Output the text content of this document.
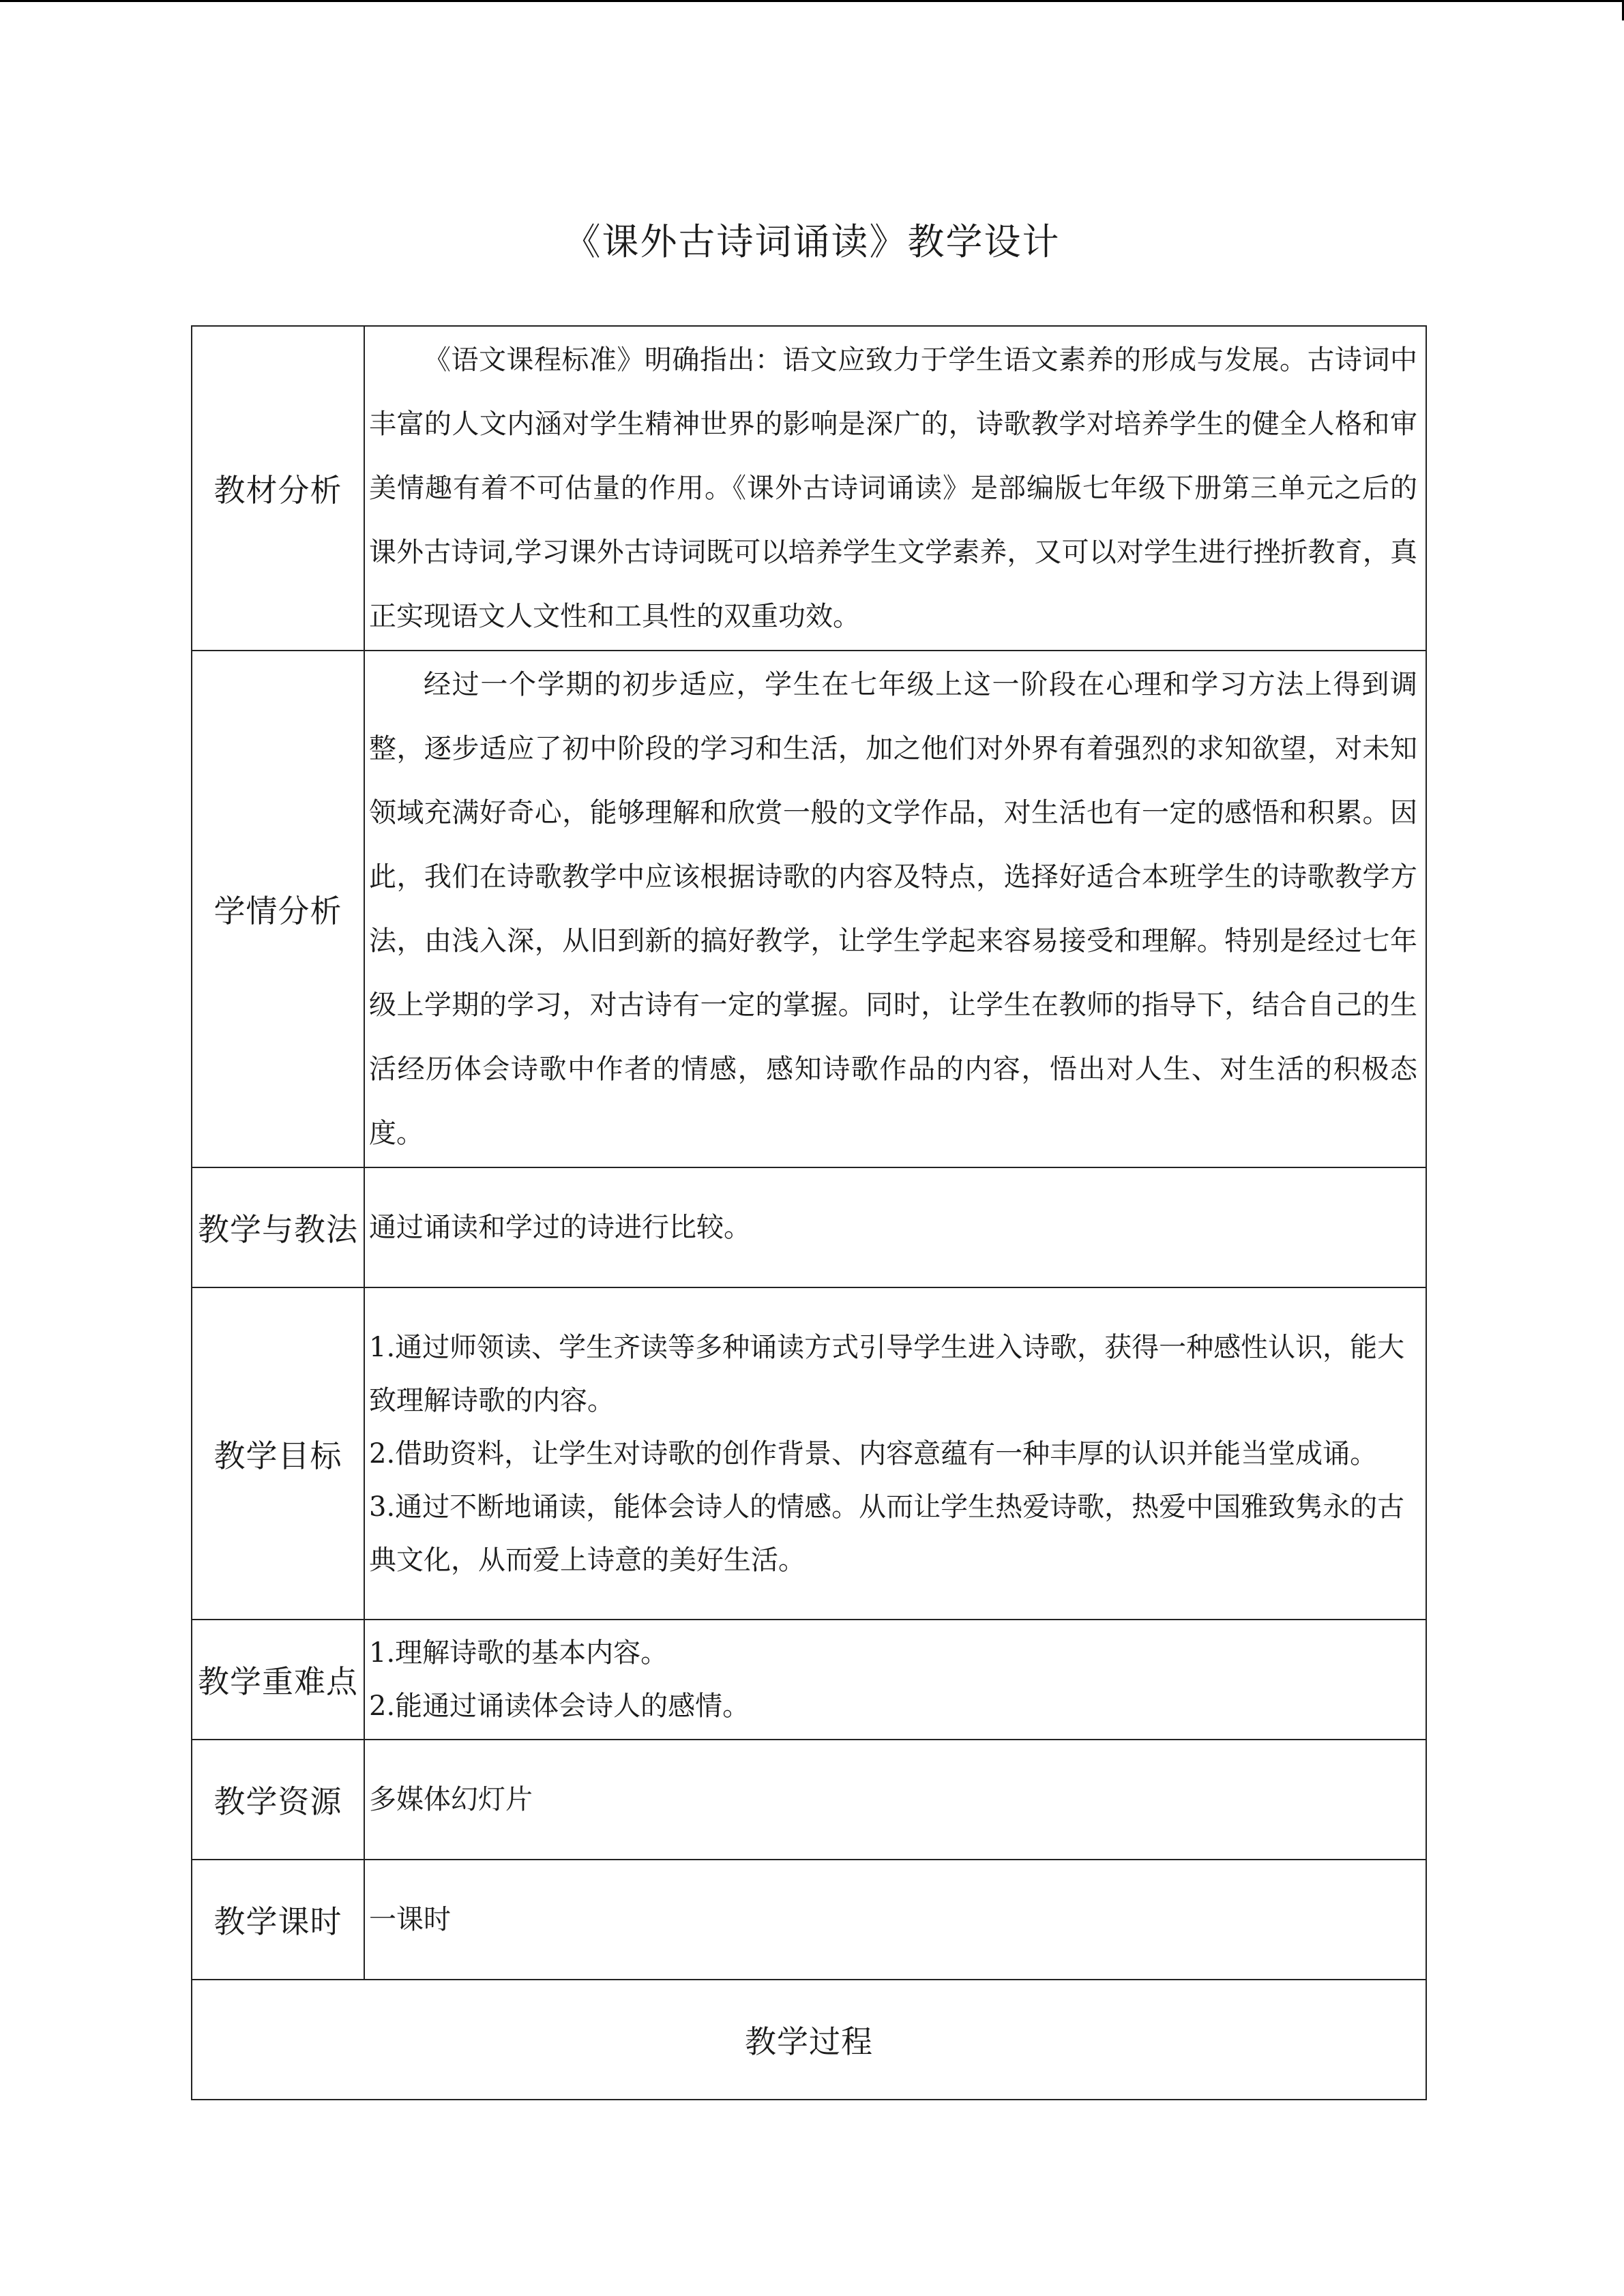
《课外古诗词诵读》教学设计
教材分析	《语文课程标准》明确指出：语文应致力于学生语文素养的形成与发展。古诗词中丰富的人文内涵对学生精神世界的影响是深广的，诗歌教学对培养学生的健全人格和审美情趣有着不可估量的作用。《课外古诗词诵读》是部编版七年级下册第三单元之后的课外古诗词,学习课外古诗词既可以培养学生文学素养，又可以对学生进行挫折教育，真正实现语文人文性和工具性的双重功效。

学情分析	经过一个学期的初步适应，学生在七年级上这一阶段在心理和学习方法上得到调整，逐步适应了初中阶段的学习和生活，加之他们对外界有着强烈的求知欲望，对未知领域充满好奇心，能够理解和欣赏一般的文学作品，对生活也有一定的感悟和积累。因此，我们在诗歌教学中应该根据诗歌的内容及特点，选择好适合本班学生的诗歌教学方法，由浅入深，从旧到新的搞好教学，让学生学起来容易接受和理解。特别是经过七年级上学期的学习，对古诗有一定的掌握。同时，让学生在教师的指导下，结合自己的生活经历体会诗歌中作者的情感，感知诗歌作品的内容，悟出对人生、对生活的积极态度。

教学与教法	通过诵读和学过的诗进行比较。

教学目标	1.通过师领读、学生齐读等多种诵读方式引导学生进入诗歌，获得一种感性认识，能大致理解诗歌的内容。
2.借助资料，让学生对诗歌的创作背景、内容意蕴有一种丰厚的认识并能当堂成诵。
3.通过不断地诵读，能体会诗人的情感。从而让学生热爱诗歌，热爱中国雅致隽永的古典文化，从而爱上诗意的美好生活。

教学重难点	1.理解诗歌的基本内容。
2.能通过诵读体会诗人的感情。

教学资源	多媒体幻灯片

教学课时	一课时

教学过程	
